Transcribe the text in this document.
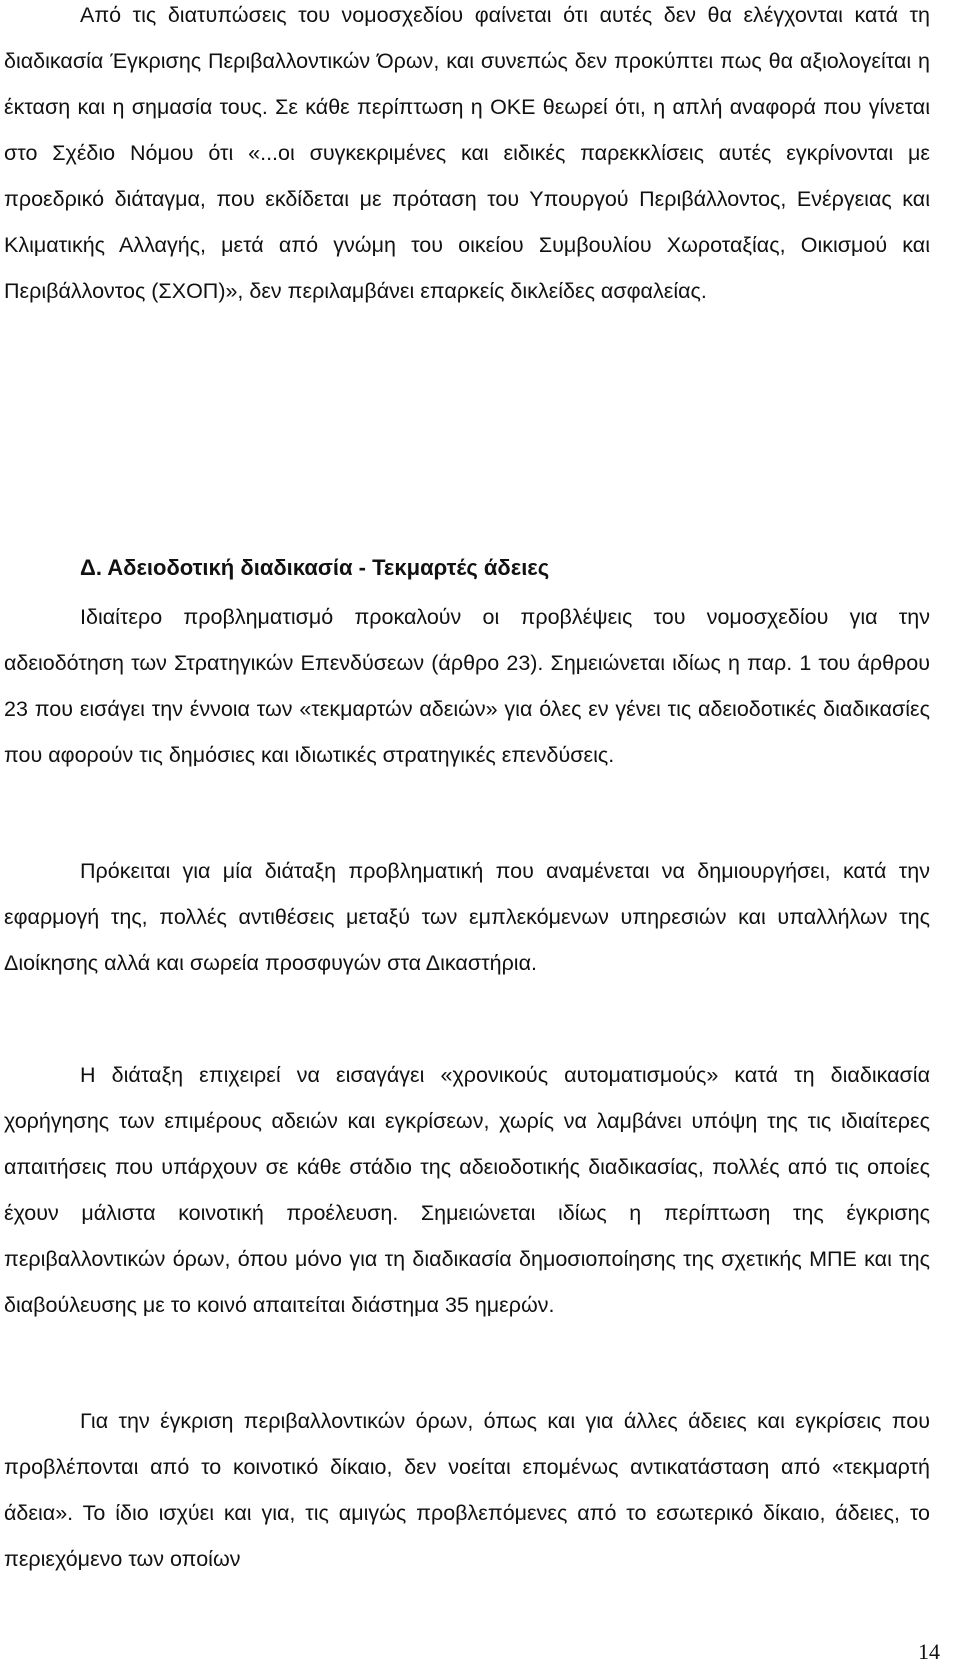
Από τις διατυπώσεις του νομοσχεδίου φαίνεται ότι αυτές δεν θα ελέγχονται κατά τη διαδικασία Έγκρισης Περιβαλλοντικών Όρων, και συνεπώς δεν προκύπτει πως θα αξιολογείται η έκταση και η σημασία τους. Σε κάθε περίπτωση η ΟΚΕ θεωρεί ότι, η απλή αναφορά που γίνεται στο Σχέδιο Νόμου ότι «...οι συγκεκριμένες και ειδικές παρεκκλίσεις αυτές εγκρίνονται με προεδρικό διάταγμα, που εκδίδεται με πρόταση του Υπουργού Περιβάλλοντος, Ενέργειας και Κλιματικής Αλλαγής, μετά από γνώμη του οικείου Συμβουλίου Χωροταξίας, Οικισμού και Περιβάλλοντος (ΣΧΟΠ)», δεν περιλαμβάνει επαρκείς δικλείδες ασφαλείας.

Δ. Αδειοδοτική διαδικασία - Τεκμαρτές άδειες

Ιδιαίτερο προβληματισμό προκαλούν οι προβλέψεις του νομοσχεδίου για την αδειοδότηση των Στρατηγικών Επενδύσεων (άρθρο 23). Σημειώνεται ιδίως η παρ. 1 του άρθρου 23 που εισάγει την έννοια των «τεκμαρτών αδειών» για όλες εν γένει τις αδειοδοτικές διαδικασίες που αφορούν τις δημόσιες και ιδιωτικές στρατηγικές επενδύσεις.

Πρόκειται για μία διάταξη προβληματική που αναμένεται να δημιουργήσει, κατά την εφαρμογή της, πολλές αντιθέσεις μεταξύ των εμπλεκόμενων υπηρεσιών και υπαλλήλων της Διοίκησης αλλά και σωρεία προσφυγών στα Δικαστήρια.

Η διάταξη επιχειρεί να εισαγάγει «χρονικούς αυτοματισμούς» κατά τη διαδικασία χορήγησης των επιμέρους αδειών και εγκρίσεων, χωρίς να λαμβάνει υπόψη της τις ιδιαίτερες απαιτήσεις που υπάρχουν σε κάθε στάδιο της αδειοδοτικής διαδικασίας, πολλές από τις οποίες έχουν μάλιστα κοινοτική προέλευση. Σημειώνεται ιδίως η περίπτωση της έγκρισης περιβαλλοντικών όρων, όπου μόνο για τη διαδικασία δημοσιοποίησης της σχετικής ΜΠΕ και της διαβούλευσης με το κοινό απαιτείται διάστημα 35 ημερών.

Για την έγκριση περιβαλλοντικών όρων, όπως και για άλλες άδειες και εγκρίσεις που προβλέπονται από το κοινοτικό δίκαιο, δεν νοείται επομένως αντικατάσταση από «τεκμαρτή άδεια». Το ίδιο ισχύει και για, τις αμιγώς προβλεπόμενες από το εσωτερικό δίκαιο, άδειες, το περιεχόμενο των οποίων

14
